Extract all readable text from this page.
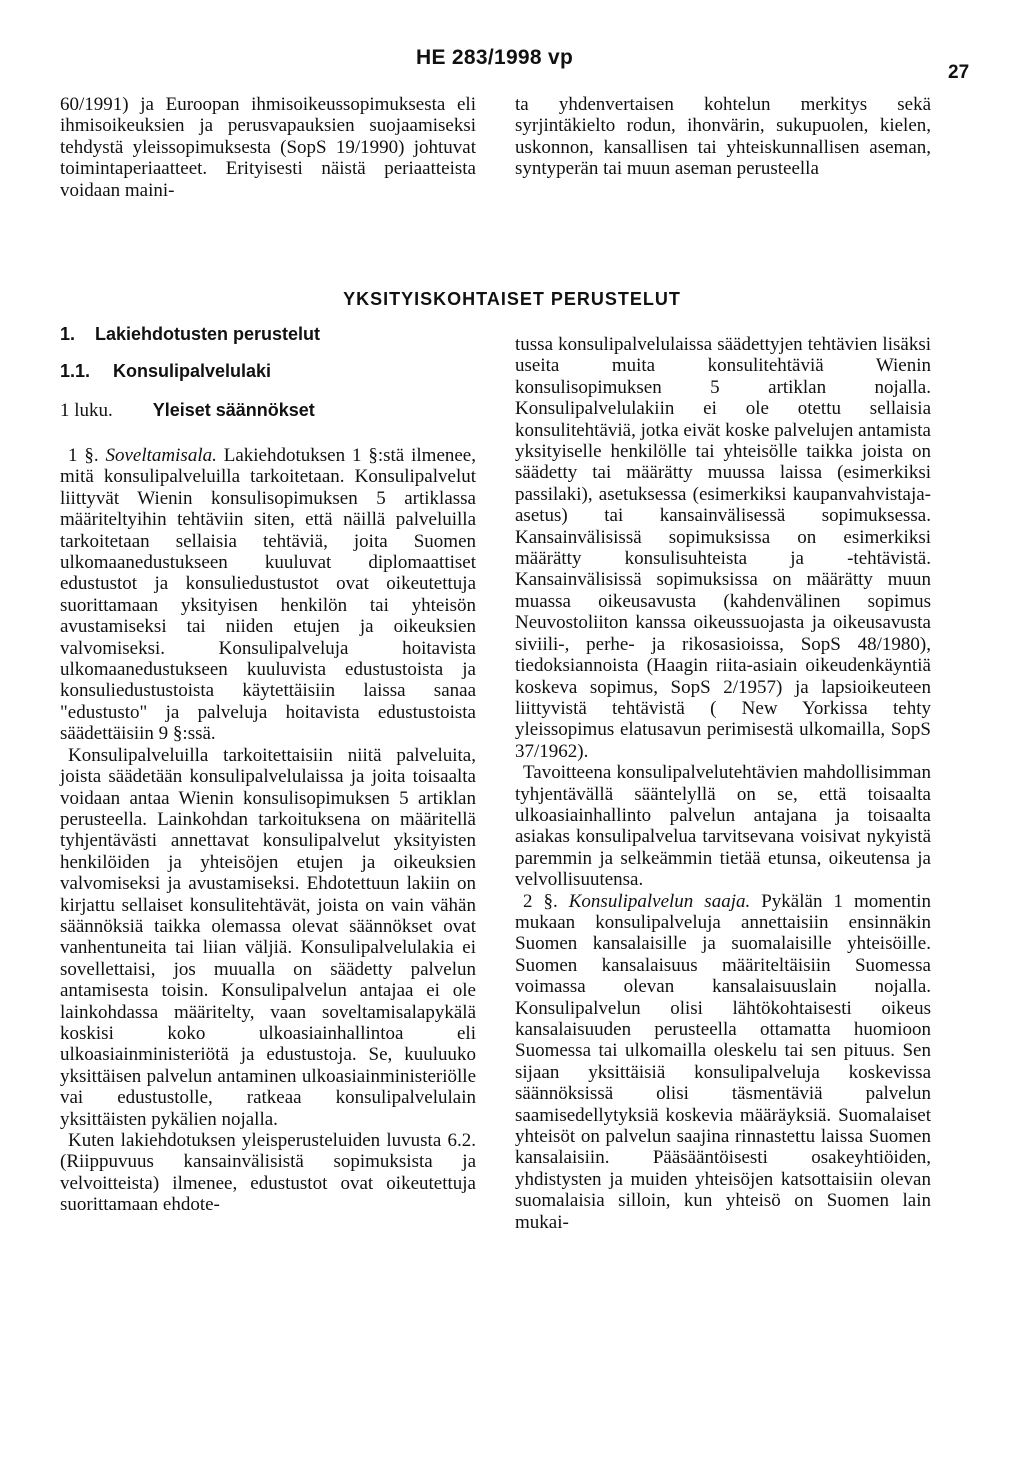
HE 283/1998 vp
27

60/1991) ja Euroopan ihmisoikeussopimuksesta eli ihmisoikeuksien ja perusvapauksien suojaamiseksi tehdystä yleissopimuksesta (SopS 19/1990) johtuvat toimintaperiaatteet. Erityisesti näistä periaatteista voidaan maini-

ta yhdenvertaisen kohtelun merkitys sekä syrjintäkielto rodun, ihonvärin, sukupuolen, kielen, uskonnon, kansallisen tai yhteiskunnallisen aseman, syntyperän tai muun aseman perusteella

YKSITYISKOHTAISET PERUSTELUT
1. Lakiehdotusten perustelut
1.1. Konsulipalvelulaki
1 luku. Yleiset säännökset

1 §. Soveltamisala. Lakiehdotuksen 1 §:stä ilmenee, mitä konsulipalveluilla tarkoitetaan. Konsulipalvelut liittyvät Wienin konsulisopimuksen 5 artiklassa määriteltyihin tehtäviin siten, että näillä palveluilla tarkoitetaan sellaisia tehtäviä, joita Suomen ulkomaanedustukseen kuuluvat diplomaattiset edustustot ja konsuliedustustot ovat oikeutettuja suorittamaan yksityisen henkilön tai yhteisön avustamiseksi tai niiden etujen ja oikeuksien valvomiseksi. Konsulipalveluja hoitavista ulkomaanedustukseen kuuluvista edustustoista ja konsuliedustustoista käytettäisiin laissa sanaa "edustusto" ja palveluja hoitavista edustustoista säädettäisiin 9 §:ssä.

Konsulipalveluilla tarkoitettaisiin niitä palveluita, joista säädetään konsulipalvelulaissa ja joita toisaalta voidaan antaa Wienin konsulisopimuksen 5 artiklan perusteella. Lainkohdan tarkoituksena on määritellä tyhjentävästi annettavat konsulipalvelut yksityisten henkilöiden ja yhteisöjen etujen ja oikeuksien valvomiseksi ja avustamiseksi. Ehdotettuun lakiin on kirjattu sellaiset konsulitehtävät, joista on vain vähän säännöksiä taikka olemassa olevat säännökset ovat vanhentuneita tai liian väljiä. Konsulipalvelulakia ei sovellettaisi, jos muualla on säädetty palvelun antamisesta toisin. Konsulipalvelun antajaa ei ole lainkohdassa määritelty, vaan soveltamisalapykälä koskisi koko ulkoasiainhallintoa eli ulkoasiainministeriötä ja edustustoja. Se, kuuluuko yksittäisen palvelun antaminen ulkoasiainministeriölle vai edustustolle, ratkeaa konsulipalvelulain yksittäisten pykälien nojalla.

Kuten lakiehdotuksen yleisperusteluiden luvusta 6.2. (Riippuvuus kansainvälisistä sopimuksista ja velvoitteista) ilmenee, edustustot ovat oikeutettuja suorittamaan ehdote-

tussa konsulipalvelulaissa säädettyjen tehtävien lisäksi useita muita konsulitehtäviä Wienin konsulisopimuksen 5 artiklan nojalla. Konsulipalvelulakiin ei ole otettu sellaisia konsulitehtäviä, jotka eivät koske palvelujen antamista yksityiselle henkilölle tai yhteisölle taikka joista on säädetty tai määrätty muussa laissa (esimerkiksi passilaki), asetuksessa (esimerkiksi kaupanvahvistaja-asetus) tai kansainvälisessä sopimuksessa. Kansainvälisissä sopimuksissa on esimerkiksi määrätty konsulisuhteista ja -tehtävistä. Kansainvälisissä sopimuksissa on määrätty muun muassa oikeusavusta (kahdenvälinen sopimus Neuvostoliiton kanssa oikeussuojasta ja oikeusavusta siviili-, perhe- ja rikosasioissa, SopS 48/1980), tiedoksiannoista (Haagin riita-asiain oikeudenkäyntiä koskeva sopimus, SopS 2/1957) ja lapsioikeuteen liittyvistä tehtävistä ( New Yorkissa tehty yleissopimus elatusavun perimisestä ulkomailla, SopS 37/1962).

Tavoitteena konsulipalvelutehtävien mahdollisimman tyhjentävällä sääntelyllä on se, että toisaalta ulkoasiainhallinto palvelun antajana ja toisaalta asiakas konsulipalvelua tarvitsevana voisivat nykyistä paremmin ja selkeämmin tietää etunsa, oikeutensa ja velvollisuutensa.

2 §. Konsulipalvelun saaja. Pykälän 1 momentin mukaan konsulipalveluja annettaisiin ensinnäkin Suomen kansalaisille ja suomalaisille yhteisöille. Suomen kansalaisuus määriteltäisiin Suomessa voimassa olevan kansalaisuuslain nojalla. Konsulipalvelun olisi lähtökohtaisesti oikeus kansalaisuuden perusteella ottamatta huomioon Suomessa tai ulkomailla oleskelu tai sen pituus. Sen sijaan yksittäisiä konsulipalveluja koskevissa säännöksissä olisi täsmentäviä palvelun saamisedellytyksiä koskevia määräyksiä. Suomalaiset yhteisöt on palvelun saajina rinnastettu laissa Suomen kansalaisiin. Pääsääntöisesti osakeyhtiöiden, yhdistysten ja muiden yhteisöjen katsottaisiin olevan suomalaisia silloin, kun yhteisö on Suomen lain mukai-
